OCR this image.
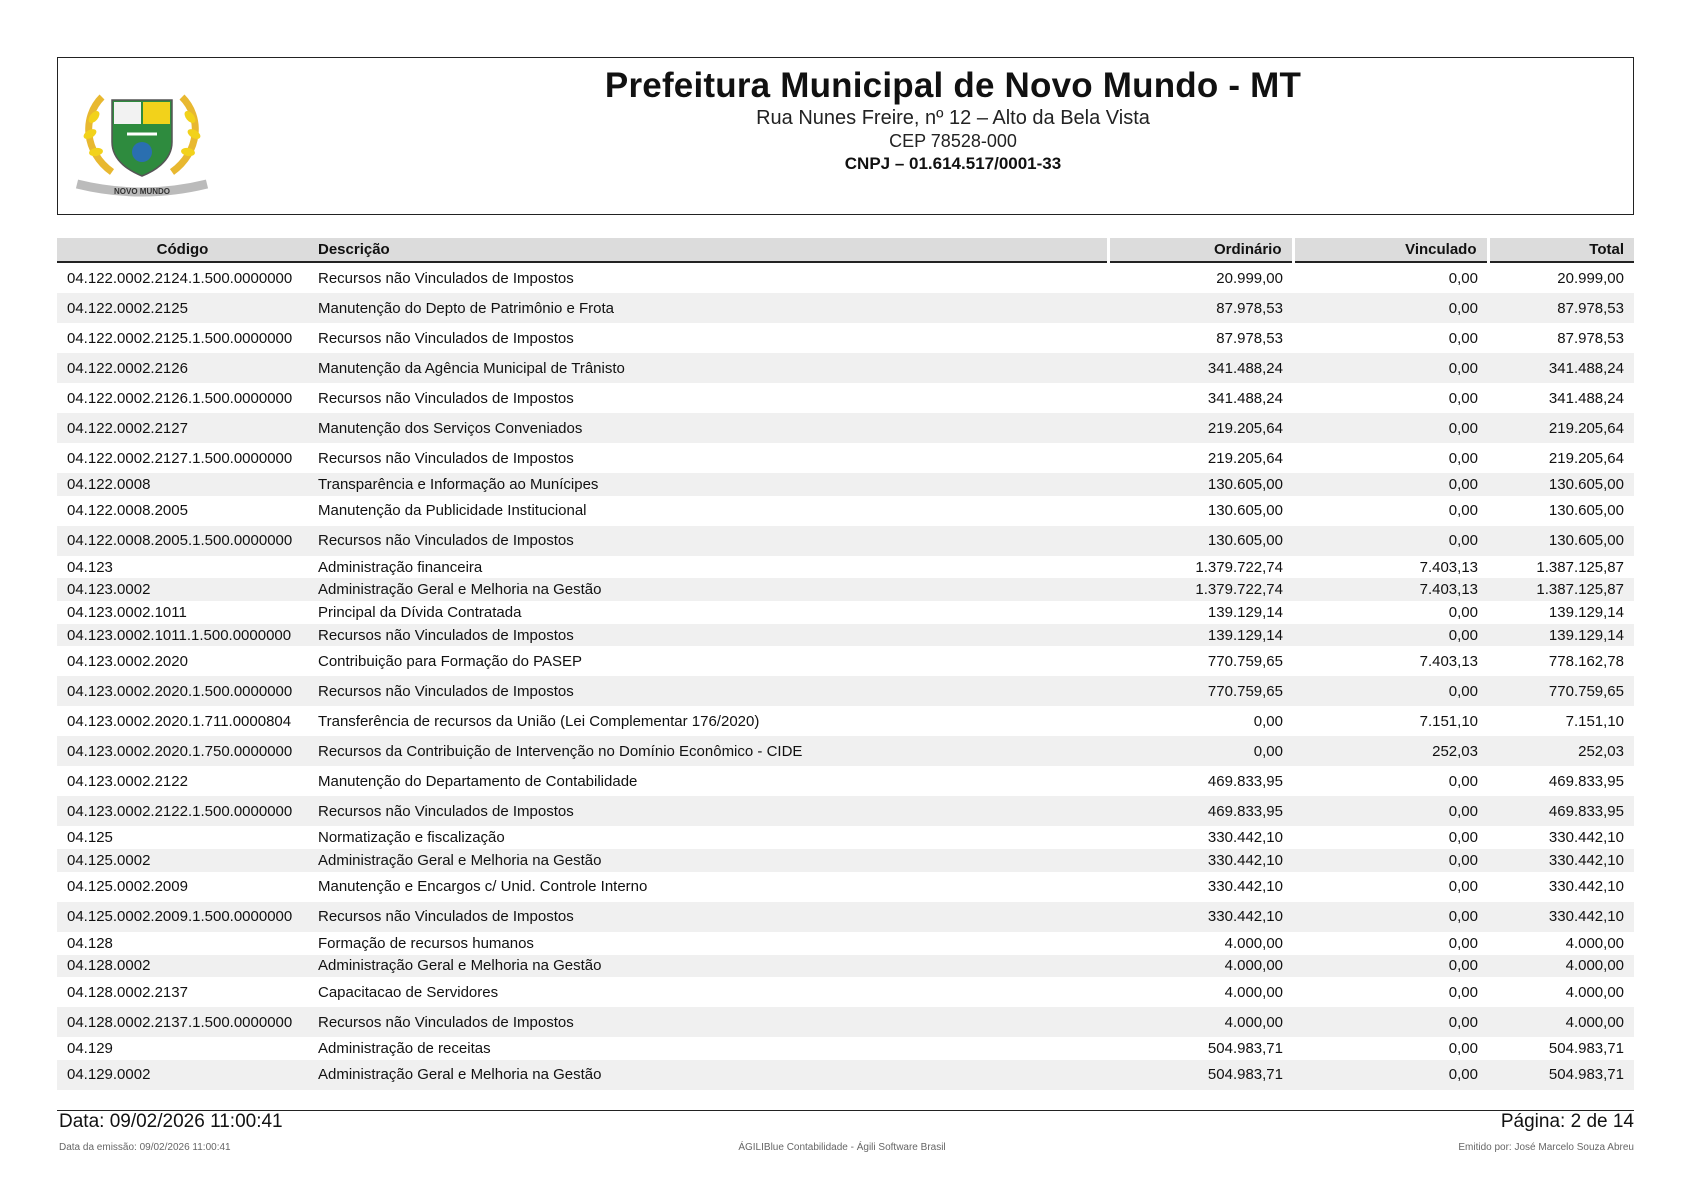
NOVO MUNDO
Prefeitura Municipal de Novo Mundo - MT
Rua Nunes Freire, nº 12 – Alto da Bela Vista
CEP 78528-000
CNPJ – 01.614.517/0001-33
Código	Descrição	Ordinário	Vinculado	Total
04.122.0002.2124.1.500.0000000	Recursos não Vinculados de Impostos	20.999,00	0,00	20.999,00
04.122.0002.2125	Manutenção do Depto de Patrimônio e Frota	87.978,53	0,00	87.978,53
04.122.0002.2125.1.500.0000000	Recursos não Vinculados de Impostos	87.978,53	0,00	87.978,53
04.122.0002.2126	Manutenção da Agência Municipal de Trânisto	341.488,24	0,00	341.488,24
04.122.0002.2126.1.500.0000000	Recursos não Vinculados de Impostos	341.488,24	0,00	341.488,24
04.122.0002.2127	Manutenção dos Serviços Conveniados	219.205,64	0,00	219.205,64
04.122.0002.2127.1.500.0000000	Recursos não Vinculados de Impostos	219.205,64	0,00	219.205,64
04.122.0008	Transparência e Informação ao Munícipes	130.605,00	0,00	130.605,00
04.122.0008.2005	Manutenção da Publicidade Institucional	130.605,00	0,00	130.605,00
04.122.0008.2005.1.500.0000000	Recursos não Vinculados de Impostos	130.605,00	0,00	130.605,00
04.123	Administração financeira	1.379.722,74	7.403,13	1.387.125,87
04.123.0002	Administração Geral e Melhoria na Gestão	1.379.722,74	7.403,13	1.387.125,87
04.123.0002.1011	Principal da Dívida Contratada	139.129,14	0,00	139.129,14
04.123.0002.1011.1.500.0000000	Recursos não Vinculados de Impostos	139.129,14	0,00	139.129,14
04.123.0002.2020	Contribuição para Formação do PASEP	770.759,65	7.403,13	778.162,78
04.123.0002.2020.1.500.0000000	Recursos não Vinculados de Impostos	770.759,65	0,00	770.759,65
04.123.0002.2020.1.711.0000804	Transferência de recursos da União (Lei Complementar 176/2020)	0,00	7.151,10	7.151,10
04.123.0002.2020.1.750.0000000	Recursos da Contribuição de Intervenção no Domínio Econômico - CIDE	0,00	252,03	252,03
04.123.0002.2122	Manutenção do Departamento de Contabilidade	469.833,95	0,00	469.833,95
04.123.0002.2122.1.500.0000000	Recursos não Vinculados de Impostos	469.833,95	0,00	469.833,95
04.125	Normatização e fiscalização	330.442,10	0,00	330.442,10
04.125.0002	Administração Geral e Melhoria na Gestão	330.442,10	0,00	330.442,10
04.125.0002.2009	Manutenção e Encargos c/ Unid. Controle Interno	330.442,10	0,00	330.442,10
04.125.0002.2009.1.500.0000000	Recursos não Vinculados de Impostos	330.442,10	0,00	330.442,10
04.128	Formação de recursos humanos	4.000,00	0,00	4.000,00
04.128.0002	Administração Geral e Melhoria na Gestão	4.000,00	0,00	4.000,00
04.128.0002.2137	Capacitacao de Servidores	4.000,00	0,00	4.000,00
04.128.0002.2137.1.500.0000000	Recursos não Vinculados de Impostos	4.000,00	0,00	4.000,00
04.129	Administração de receitas	504.983,71	0,00	504.983,71
04.129.0002	Administração Geral e Melhoria na Gestão	504.983,71	0,00	504.983,71
Data: 09/02/2026 11:00:41	Página: 2 de 14
Data da emissão: 09/02/2026 11:00:41	ÁGILIBlue Contabilidade - Ágili Software Brasil	Emitido por: José Marcelo Souza Abreu
